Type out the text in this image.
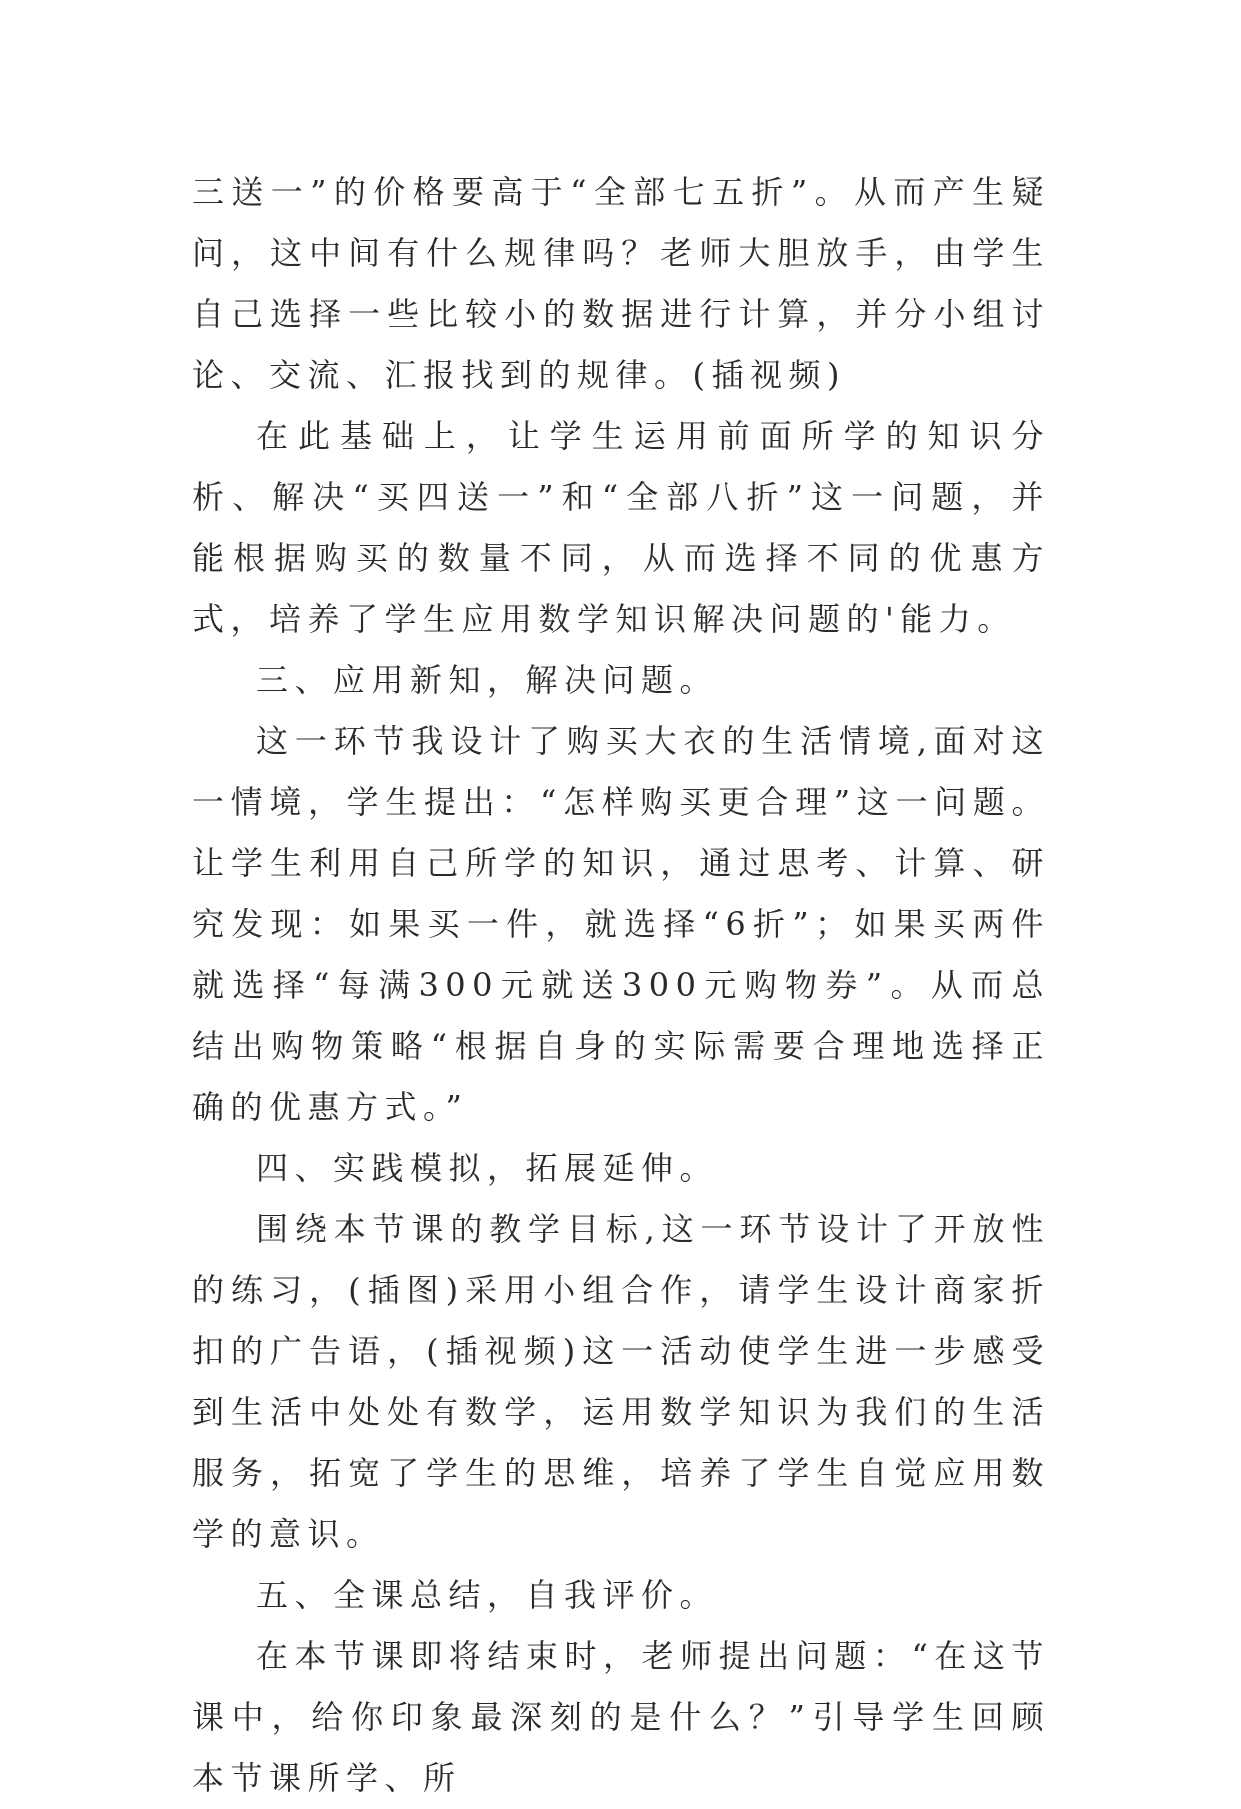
三送一”的价格要高于“全部七五折”。从而产生疑问，这中间有什么规律吗？老师大胆放手，由学生自己选择一些比较小的数据进行计算，并分小组讨论、交流、汇报找到的规律。(插视频)

在此基础上，让学生运用前面所学的知识分析、解决“买四送一”和“全部八折”这一问题，并能根据购买的数量不同，从而选择不同的优惠方式，培养了学生应用数学知识解决问题的'能力。

三、应用新知，解决问题。

这一环节我设计了购买大衣的生活情境,面对这一情境，学生提出：“怎样购买更合理”这一问题。让学生利用自己所学的知识，通过思考、计算、研究发现：如果买一件，就选择“6折”；如果买两件就选择“每满300元就送300元购物券”。从而总结出购物策略“根据自身的实际需要合理地选择正确的优惠方式。”

四、实践模拟，拓展延伸。

围绕本节课的教学目标,这一环节设计了开放性的练习，(插图)采用小组合作，请学生设计商家折扣的广告语，(插视频)这一活动使学生进一步感受到生活中处处有数学，运用数学知识为我们的生活服务，拓宽了学生的思维，培养了学生自觉应用数学的意识。

五、全课总结，自我评价。

在本节课即将结束时，老师提出问题：“在这节课中，给你印象最深刻的是什么？”引导学生回顾本节课所学、所
